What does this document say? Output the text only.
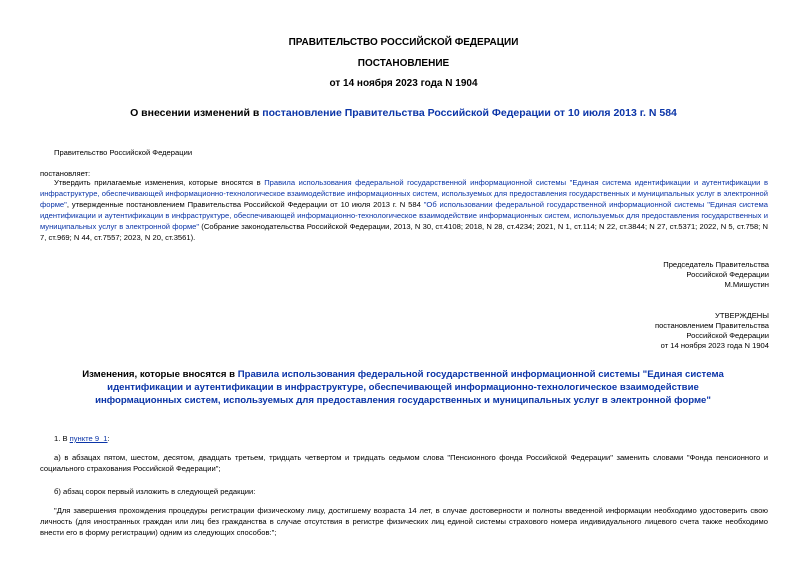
ПРАВИТЕЛЬСТВО РОССИЙСКОЙ ФЕДЕРАЦИИ
ПОСТАНОВЛЕНИЕ
от 14 ноября 2023 года N 1904
О внесении изменений в постановление Правительства Российской Федерации от 10 июля 2013 г. N 584
Правительство Российской Федерации
постановляет:
Утвердить прилагаемые изменения, которые вносятся в Правила использования федеральной государственной информационной системы "Единая система идентификации и аутентификации в инфраструктуре, обеспечивающей информационно-технологическое взаимодействие информационных систем, используемых для предоставления государственных и муниципальных услуг в электронной форме", утвержденные постановлением Правительства Российской Федерации от 10 июля 2013 г. N 584 "Об использовании федеральной государственной информационной системы "Единая система идентификации и аутентификации в инфраструктуре, обеспечивающей информационно-технологическое взаимодействие информационных систем, используемых для предоставления государственных и муниципальных услуг в электронной форме" (Собрание законодательства Российской Федерации, 2013, N 30, ст.4108; 2018, N 28, ст.4234; 2021, N 1, ст.114; N 22, ст.3844; N 27, ст.5371; 2022, N 5, ст.758; N 7, ст.969; N 44, ст.7557; 2023, N 20, ст.3561).
Председатель Правительства
Российской Федерации
М.Мишустин
УТВЕРЖДЕНЫ
постановлением Правительства
Российской Федерации
от 14 ноября 2023 года N 1904
Изменения, которые вносятся в Правила использования федеральной государственной информационной системы "Единая система идентификации и аутентификации в инфраструктуре, обеспечивающей информационно-технологическое взаимодействие информационных систем, используемых для предоставления государственных и муниципальных услуг в электронной форме"
1. В пункте 9_1:
а) в абзацах пятом, шестом, десятом, двадцать третьем, тридцать четвертом и тридцать седьмом слова "Пенсионного фонда Российской Федерации" заменить словами "Фонда пенсионного и социального страхования Российской Федерации";
б) абзац сорок первый изложить в следующей редакции:
"Для завершения прохождения процедуры регистрации физическому лицу, достигшему возраста 14 лет, в случае достоверности и полноты введенной информации необходимо удостоверить свою личность (для иностранных граждан или лиц без гражданства в случае отсутствия в регистре физических лиц единой системы страхового номера индивидуального лицевого счета также необходимо внести его в форму регистрации) одним из следующих способов:";
